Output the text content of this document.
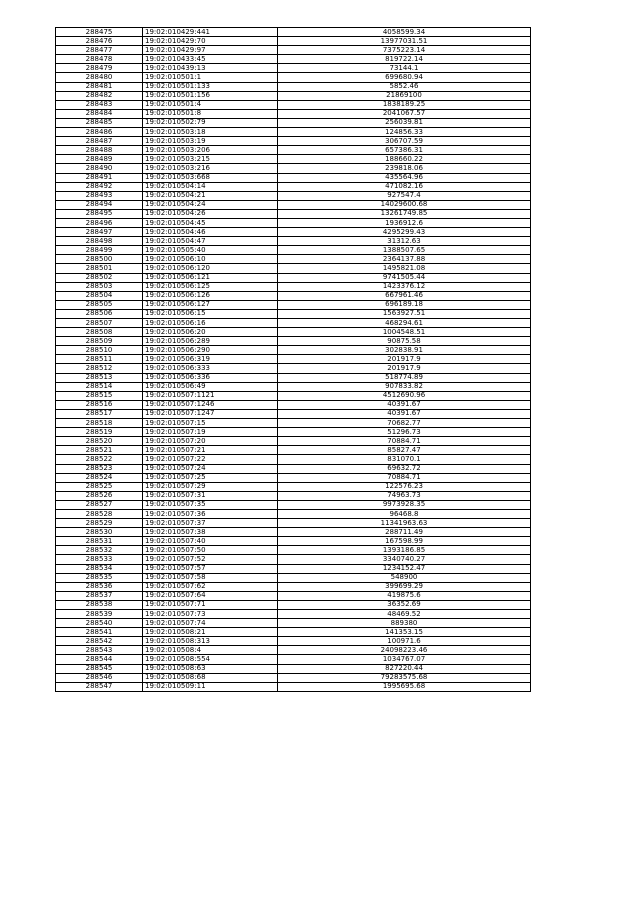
288475	19:02:010429:441	4058599.34
288476	19:02:010429:70	13977031.51
288477	19:02:010429:97	7375223.14
288478	19:02:010433:45	819722.14
288479	19:02:010439:13	73144.1
288480	19:02:010501:1	699680.94
288481	19:02:010501:133	5852.46
288482	19:02:010501:156	21869100
288483	19:02:010501:4	1838189.25
288484	19:02:010501:8	2041067.57
288485	19:02:010502:79	256039.81
288486	19:02:010503:18	124856.33
288487	19:02:010503:19	306707.59
288488	19:02:010503:206	657386.31
288489	19:02:010503:215	188660.22
288490	19:02:010503:216	239818.06
288491	19:02:010503:668	435564.96
288492	19:02:010504:14	471082.16
288493	19:02:010504:21	927547.4
288494	19:02:010504:24	14029600.68
288495	19:02:010504:26	13261749.85
288496	19:02:010504:45	1936912.6
288497	19:02:010504:46	4295299.43
288498	19:02:010504:47	31312.63
288499	19:02:010505:40	1388507.65
288500	19:02:010506:10	2364137.88
288501	19:02:010506:120	1495821.08
288502	19:02:010506:121	9741505.44
288503	19:02:010506:125	1423376.12
288504	19:02:010506:126	667961.46
288505	19:02:010506:127	696189.18
288506	19:02:010506:15	1563927.51
288507	19:02:010506:16	468294.61
288508	19:02:010506:20	1004548.51
288509	19:02:010506:289	90875.58
288510	19:02:010506:290	302838.91
288511	19:02:010506:319	201917.9
288512	19:02:010506:333	201917.9
288513	19:02:010506:336	518774.89
288514	19:02:010506:49	907833.82
288515	19:02:010507:1121	4512690.96
288516	19:02:010507:1246	40391.67
288517	19:02:010507:1247	40391.67
288518	19:02:010507:15	70682.77
288519	19:02:010507:19	51296.73
288520	19:02:010507:20	70884.71
288521	19:02:010507:21	85827.47
288522	19:02:010507:22	831070.1
288523	19:02:010507:24	69632.72
288524	19:02:010507:25	70884.71
288525	19:02:010507:29	122576.23
288526	19:02:010507:31	74963.73
288527	19:02:010507:35	9973928.35
288528	19:02:010507:36	96468.8
288529	19:02:010507:37	11341963.63
288530	19:02:010507:38	288711.49
288531	19:02:010507:40	167598.99
288532	19:02:010507:50	1393186.85
288533	19:02:010507:52	3340740.27
288534	19:02:010507:57	1234152.47
288535	19:02:010507:58	548900
288536	19:02:010507:62	399699.29
288537	19:02:010507:64	419875.6
288538	19:02:010507:71	36352.69
288539	19:02:010507:73	48469.52
288540	19:02:010507:74	889380
288541	19:02:010508:21	141353.15
288542	19:02:010508:313	100971.6
288543	19:02:010508:4	24098223.46
288544	19:02:010508:554	1034767.07
288545	19:02:010508:63	827220.44
288546	19:02:010508:68	79283575.68
288547	19:02:010509:11	1995695.68
